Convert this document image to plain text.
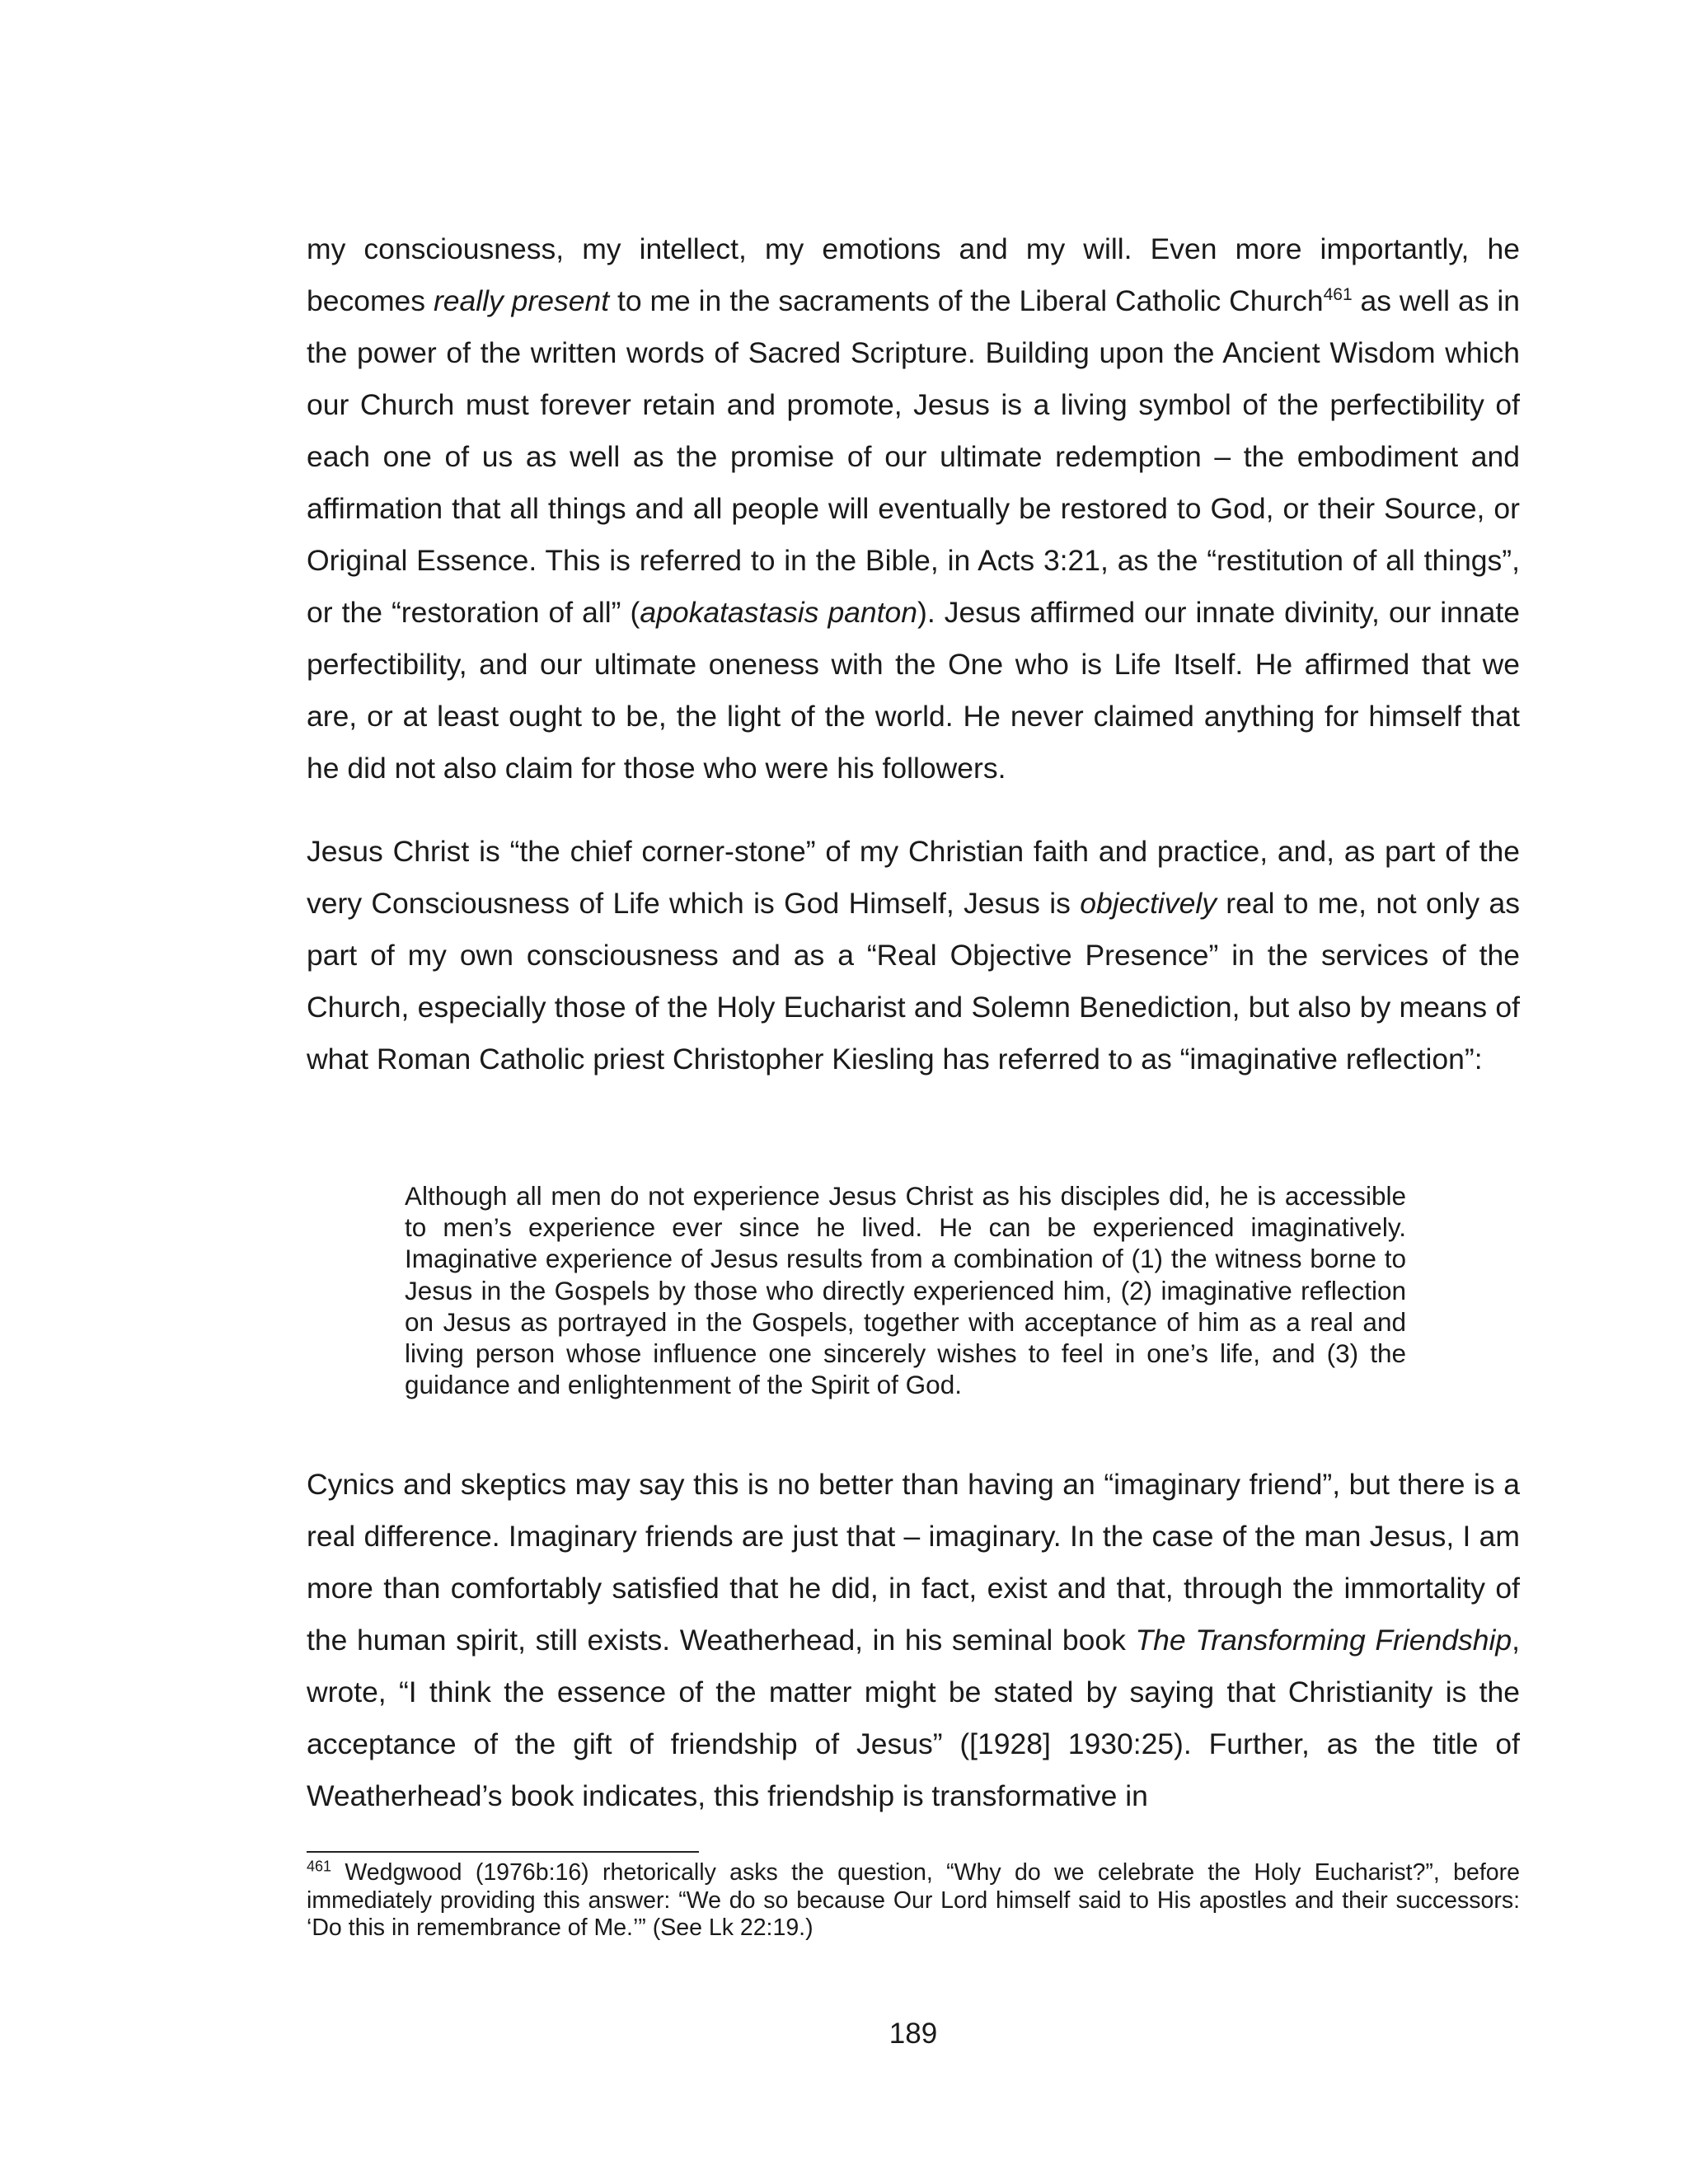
my consciousness, my intellect, my emotions and my will. Even more importantly, he becomes really present to me in the sacraments of the Liberal Catholic Church$^{461}$ as well as in the power of the written words of Sacred Scripture. Building upon the Ancient Wisdom which our Church must forever retain and promote, Jesus is a living symbol of the perfectibility of each one of us as well as the promise of our ultimate redemption – the embodiment and affirmation that all things and all people will eventually be restored to God, or their Source, or Original Essence. This is referred to in the Bible, in Acts 3:21, as the “restitution of all things”, or the “restoration of all” (apokatastasis panton). Jesus affirmed our innate divinity, our innate perfectibility, and our ultimate oneness with the One who is Life Itself. He affirmed that we are, or at least ought to be, the light of the world. He never claimed anything for himself that he did not also claim for those who were his followers.

Jesus Christ is “the chief corner-stone” of my Christian faith and practice, and, as part of the very Consciousness of Life which is God Himself, Jesus is objectively real to me, not only as part of my own consciousness and as a “Real Objective Presence” in the services of the Church, especially those of the Holy Eucharist and Solemn Benediction, but also by means of what Roman Catholic priest Christopher Kiesling has referred to as “imaginative reflection”:

Although all men do not experience Jesus Christ as his disciples did, he is accessible to men’s experience ever since he lived. He can be experienced imaginatively. Imaginative experience of Jesus results from a combination of (1) the witness borne to Jesus in the Gospels by those who directly experienced him, (2) imaginative reflection on Jesus as portrayed in the Gospels, together with acceptance of him as a real and living person whose influence one sincerely wishes to feel in one’s life, and (3) the guidance and enlightenment of the Spirit of God.

Cynics and skeptics may say this is no better than having an “imaginary friend”, but there is a real difference. Imaginary friends are just that – imaginary. In the case of the man Jesus, I am more than comfortably satisfied that he did, in fact, exist and that, through the immortality of the human spirit, still exists. Weatherhead, in his seminal book The Transforming Friendship, wrote, “I think the essence of the matter might be stated by saying that Christianity is the acceptance of the gift of friendship of Jesus” ([1928] 1930:25). Further, as the title of Weatherhead’s book indicates, this friendship is transformative in

$^{461}$ Wedgwood (1976b:16) rhetorically asks the question, “Why do we celebrate the Holy Eucharist?”, before immediately providing this answer: “We do so because Our Lord himself said to His apostles and their successors: ‘Do this in remembrance of Me.’” (See Lk 22:19.)

189
